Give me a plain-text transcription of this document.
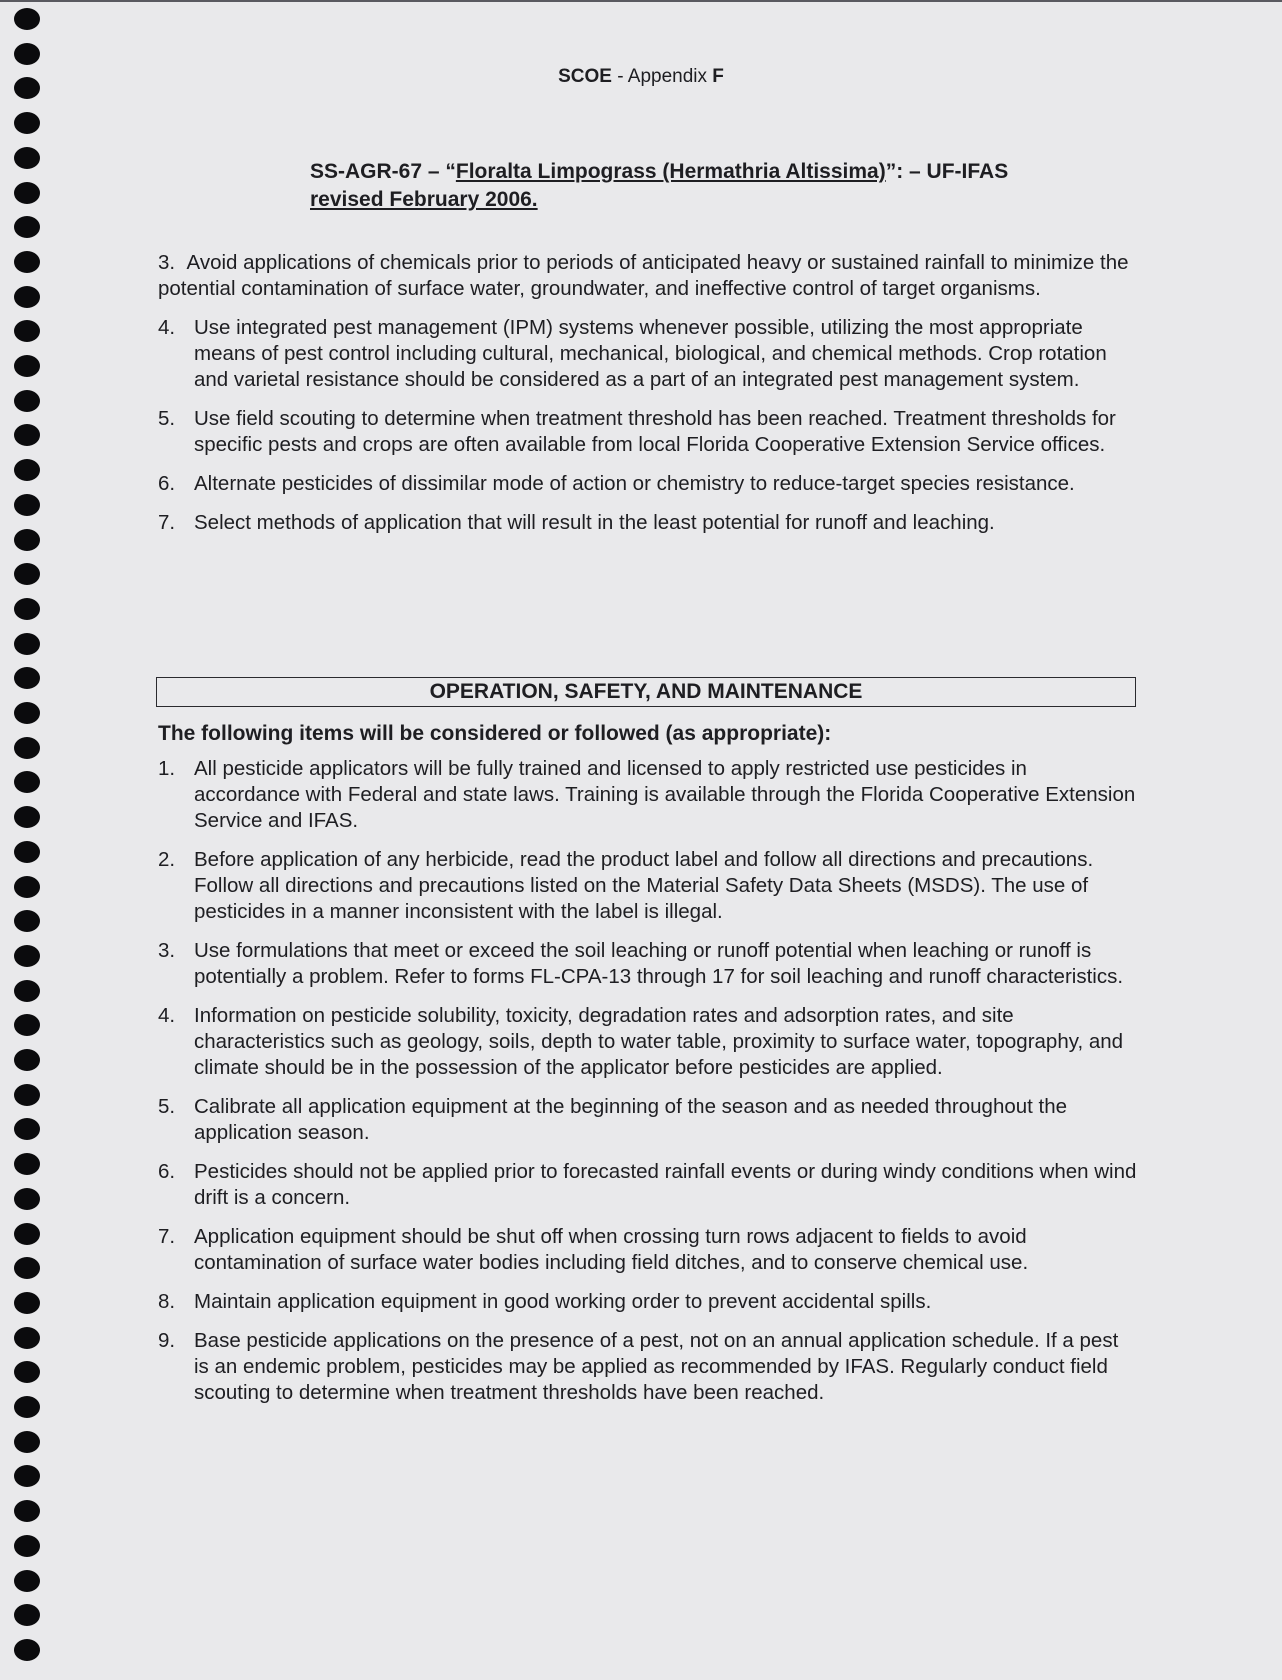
SCOE - Appendix F
SS-AGR-67 – “Floralta Limpograss (Hermathria Altissima)”: – UF-IFAS
revised February 2006.
3. Avoid applications of chemicals prior to periods of anticipated heavy or sustained rainfall to minimize the potential contamination of surface water, groundwater, and ineffective control of target organisms.
4. Use integrated pest management (IPM) systems whenever possible, utilizing the most appropriate means of pest control including cultural, mechanical, biological, and chemical methods. Crop rotation and varietal resistance should be considered as a part of an integrated pest management system.
5. Use field scouting to determine when treatment threshold has been reached. Treatment thresholds for specific pests and crops are often available from local Florida Cooperative Extension Service offices.
6. Alternate pesticides of dissimilar mode of action or chemistry to reduce-target species resistance.
7. Select methods of application that will result in the least potential for runoff and leaching.
OPERATION, SAFETY, AND MAINTENANCE
The following items will be considered or followed (as appropriate):
1. All pesticide applicators will be fully trained and licensed to apply restricted use pesticides in accordance with Federal and state laws. Training is available through the Florida Cooperative Extension Service and IFAS.
2. Before application of any herbicide, read the product label and follow all directions and precautions. Follow all directions and precautions listed on the Material Safety Data Sheets (MSDS). The use of pesticides in a manner inconsistent with the label is illegal.
3. Use formulations that meet or exceed the soil leaching or runoff potential when leaching or runoff is potentially a problem. Refer to forms FL-CPA-13 through 17 for soil leaching and runoff characteristics.
4. Information on pesticide solubility, toxicity, degradation rates and adsorption rates, and site characteristics such as geology, soils, depth to water table, proximity to surface water, topography, and climate should be in the possession of the applicator before pesticides are applied.
5. Calibrate all application equipment at the beginning of the season and as needed throughout the application season.
6. Pesticides should not be applied prior to forecasted rainfall events or during windy conditions when wind drift is a concern.
7. Application equipment should be shut off when crossing turn rows adjacent to fields to avoid contamination of surface water bodies including field ditches, and to conserve chemical use.
8. Maintain application equipment in good working order to prevent accidental spills.
9. Base pesticide applications on the presence of a pest, not on an annual application schedule. If a pest is an endemic problem, pesticides may be applied as recommended by IFAS. Regularly conduct field scouting to determine when treatment thresholds have been reached.
